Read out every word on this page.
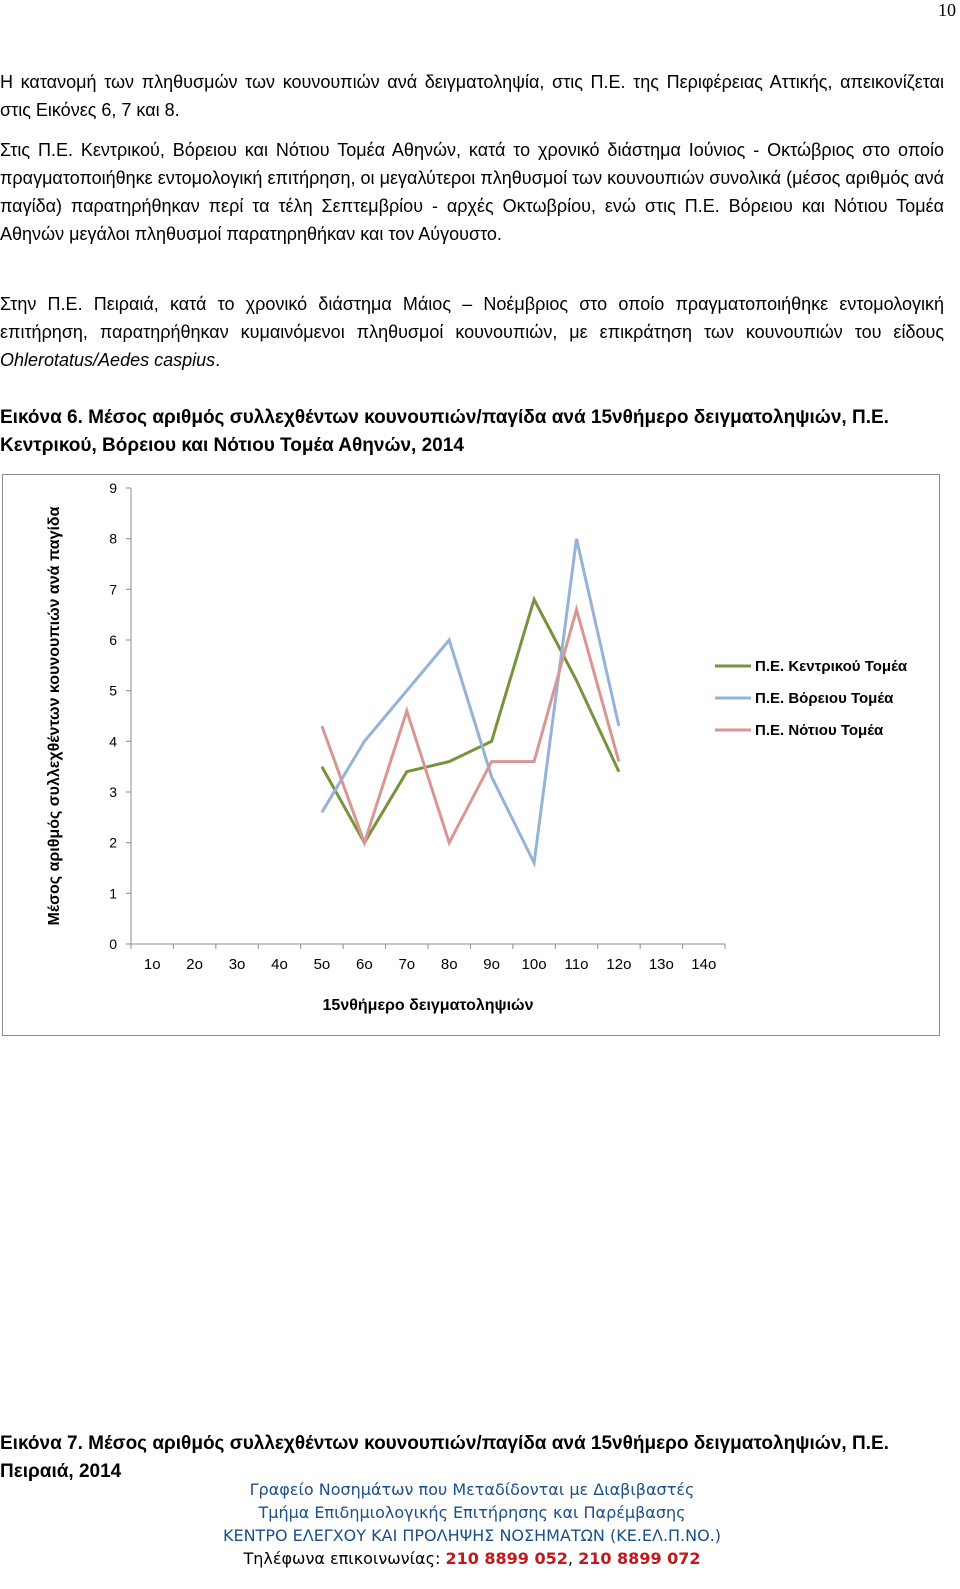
10

Η κατανομή των πληθυσμών των κουνουπιών ανά δειγματοληψία, στις Π.Ε. της Περιφέρειας Αττικής, απεικονίζεται στις Εικόνες 6, 7 και 8.

Στις Π.Ε. Κεντρικού, Βόρειου και Νότιου Τομέα Αθηνών, κατά το χρονικό διάστημα Ιούνιος - Οκτώβριος στο οποίο πραγματοποιήθηκε εντομολογική επιτήρηση, οι μεγαλύτεροι πληθυσμοί των κουνουπιών συνολικά (μέσος αριθμός ανά παγίδα) παρατηρήθηκαν περί τα τέλη Σεπτεμβρίου - αρχές Οκτωβρίου, ενώ στις Π.Ε. Βόρειου και Νότιου Τομέα Αθηνών μεγάλοι πληθυσμοί παρατηρηθήκαν και τον Αύγουστο.

Στην Π.Ε. Πειραιά, κατά το χρονικό διάστημα Μάιος – Νοέμβριος στο οποίο πραγματοποιήθηκε εντομολογική επιτήρηση, παρατηρήθηκαν κυμαινόμενοι πληθυσμοί κουνουπιών, με επικράτηση των κουνουπιών του είδους Ohlerotatus/Aedes caspius.

Εικόνα 6. Μέσος αριθμός συλλεχθέντων κουνουπιών/παγίδα ανά 15νθήμερο δειγματοληψιών, Π.Ε. Κεντρικού, Βόρειου και Νότιου Τομέα Αθηνών, 2014

0
1
2
3
4
5
6
7
8
9
1ο 2ο 3ο 4ο 5ο 6ο 7ο 8ο 9ο 10ο 11ο 12ο 13ο 14ο
15νθήμερο δειγματοληψιών
Μέσος αριθμός συλλεχθέντων κουνουπιών ανά παγίδα	Π.Ε. Κεντρικού Τομέα
Π.Ε. Βόρειου Τομέα
Π.Ε. Νότιου Τομέα

Εικόνα 7. Μέσος αριθμός συλλεχθέντων κουνουπιών/παγίδα ανά 15νθήμερο δειγματοληψιών, Π.Ε. Πειραιά, 2014

Γραφείο Νοσημάτων που Μεταδίδονται με Διαβιβαστές
Τμήμα Επιδημιολογικής Επιτήρησης και Παρέμβασης
ΚΕΝΤΡΟ ΕΛΕΓΧΟΥ ΚΑΙ ΠΡΟΛΗΨΗΣ ΝΟΣΗΜΑΤΩΝ (ΚΕ.ΕΛ.Π.ΝΟ.)
Τηλέφωνα επικοινωνίας: 210 8899 052, 210 8899 072
